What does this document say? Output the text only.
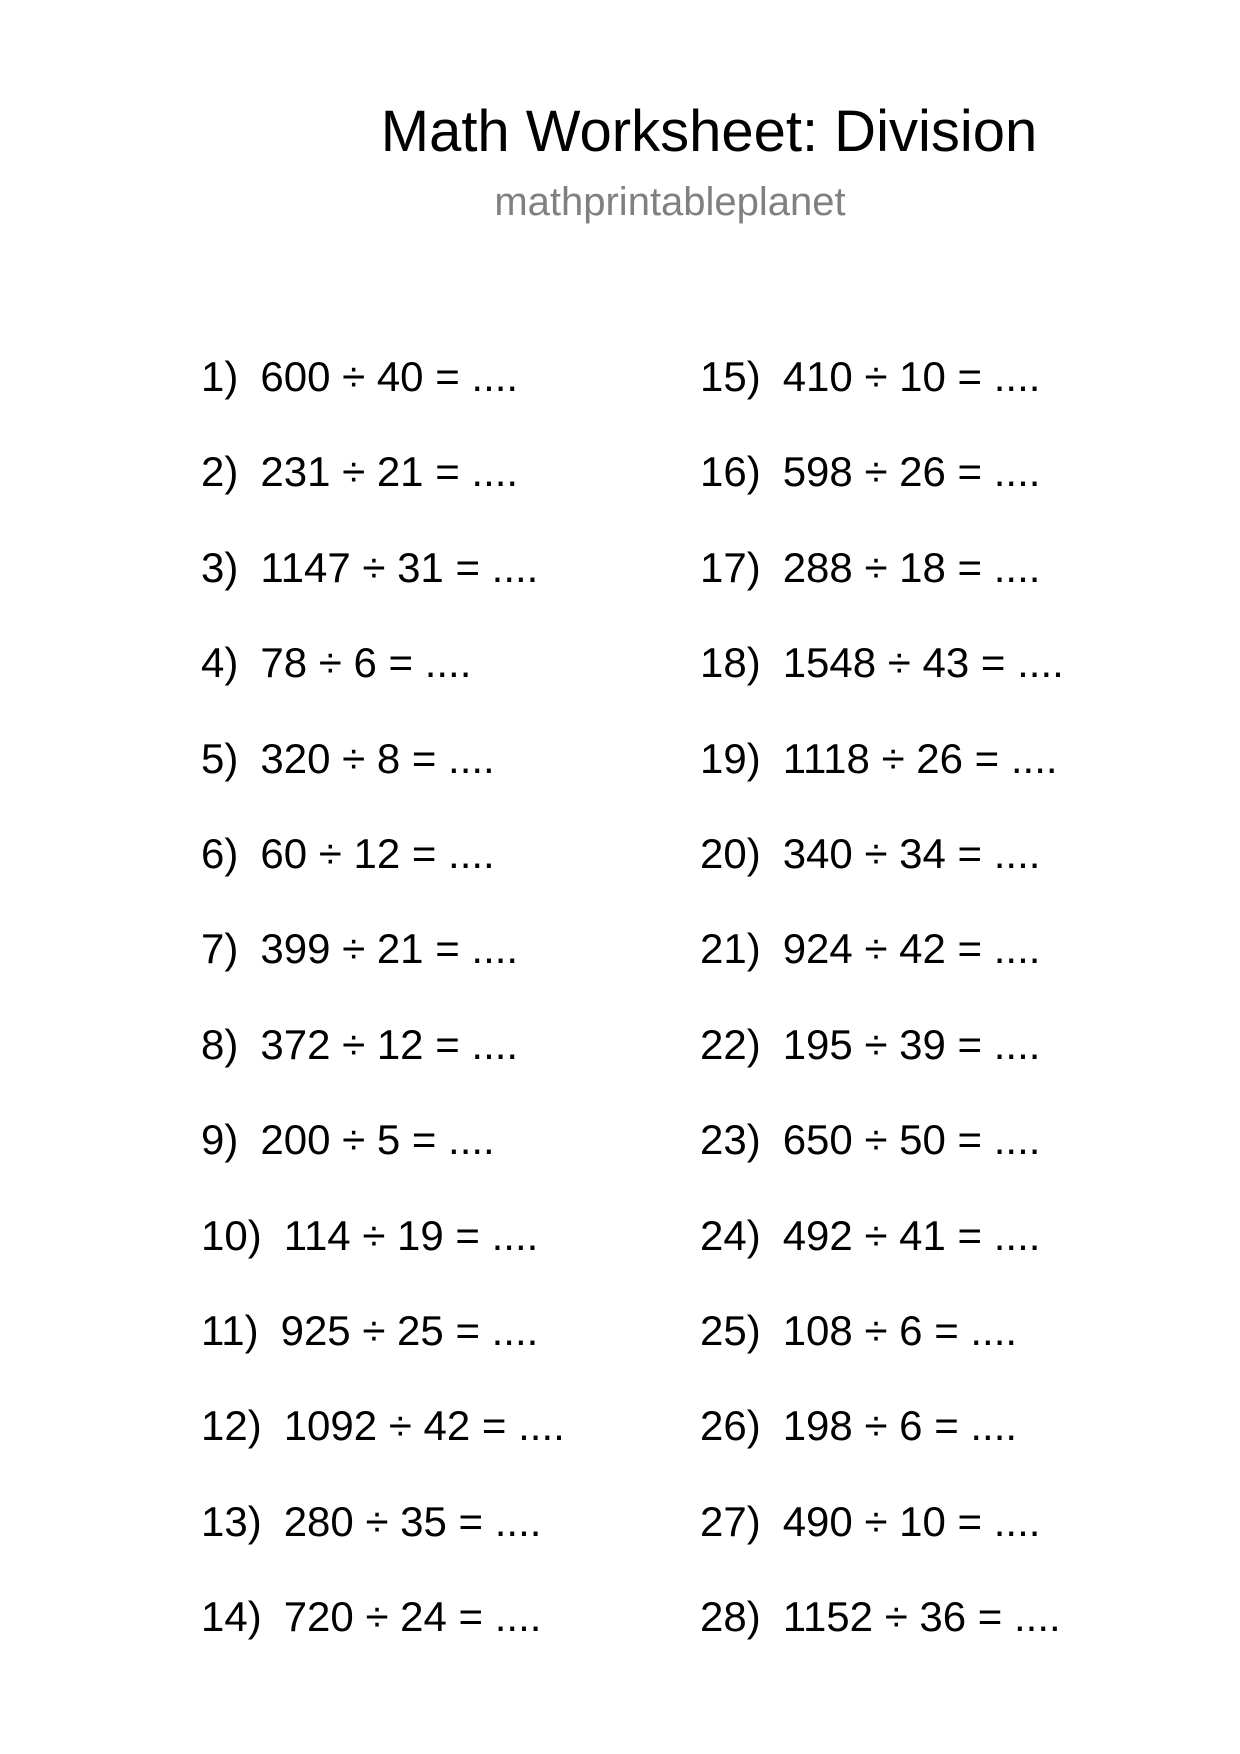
Math Worksheet: Division
mathprintableplanet
1) 600 ÷ 40 = ....
2) 231 ÷ 21 = ....
3) 1147 ÷ 31 = ....
4) 78 ÷ 6 = ....
5) 320 ÷ 8 = ....
6) 60 ÷ 12 = ....
7) 399 ÷ 21 = ....
8) 372 ÷ 12 = ....
9) 200 ÷ 5 = ....
10) 114 ÷ 19 = ....
11) 925 ÷ 25 = ....
12) 1092 ÷ 42 = ....
13) 280 ÷ 35 = ....
14) 720 ÷ 24 = ....
15) 410 ÷ 10 = ....
16) 598 ÷ 26 = ....
17) 288 ÷ 18 = ....
18) 1548 ÷ 43 = ....
19) 1118 ÷ 26 = ....
20) 340 ÷ 34 = ....
21) 924 ÷ 42 = ....
22) 195 ÷ 39 = ....
23) 650 ÷ 50 = ....
24) 492 ÷ 41 = ....
25) 108 ÷ 6 = ....
26) 198 ÷ 6 = ....
27) 490 ÷ 10 = ....
28) 1152 ÷ 36 = ....
